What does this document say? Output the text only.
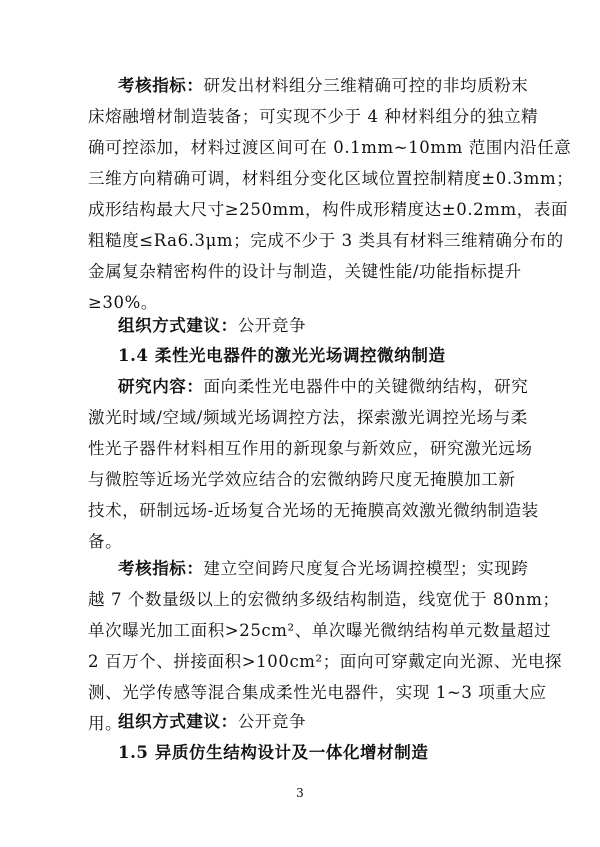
考核指标：研发出材料组分三维精确可控的非均质粉末
床熔融增材制造装备；可实现不少于 4 种材料组分的独立精
确可控添加，材料过渡区间可在 0.1mm~10mm 范围内沿任意
三维方向精确可调，材料组分变化区域位置控制精度±0.3mm；
成形结构最大尺寸≥250mm，构件成形精度达±0.2mm，表面
粗糙度≤Ra6.3μm；完成不少于 3 类具有材料三维精确分布的
金属复杂精密构件的设计与制造，关键性能/功能指标提升
≥30%。
组织方式建议：公开竞争
1.4 柔性光电器件的激光光场调控微纳制造
研究内容：面向柔性光电器件中的关键微纳结构，研究
激光时域/空域/频域光场调控方法，探索激光调控光场与柔
性光子器件材料相互作用的新现象与新效应，研究激光远场
与微腔等近场光学效应结合的宏微纳跨尺度无掩膜加工新
技术，研制远场-近场复合光场的无掩膜高效激光微纳制造装
备。
考核指标：建立空间跨尺度复合光场调控模型；实现跨
越 7 个数量级以上的宏微纳多级结构制造，线宽优于 80nm；
单次曝光加工面积>25cm²、单次曝光微纳结构单元数量超过
2 百万个、拼接面积>100cm²；面向可穿戴定向光源、光电探
测、光学传感等混合集成柔性光电器件，实现 1~3 项重大应
用。
组织方式建议：公开竞争
1.5 异质仿生结构设计及一体化增材制造
3
